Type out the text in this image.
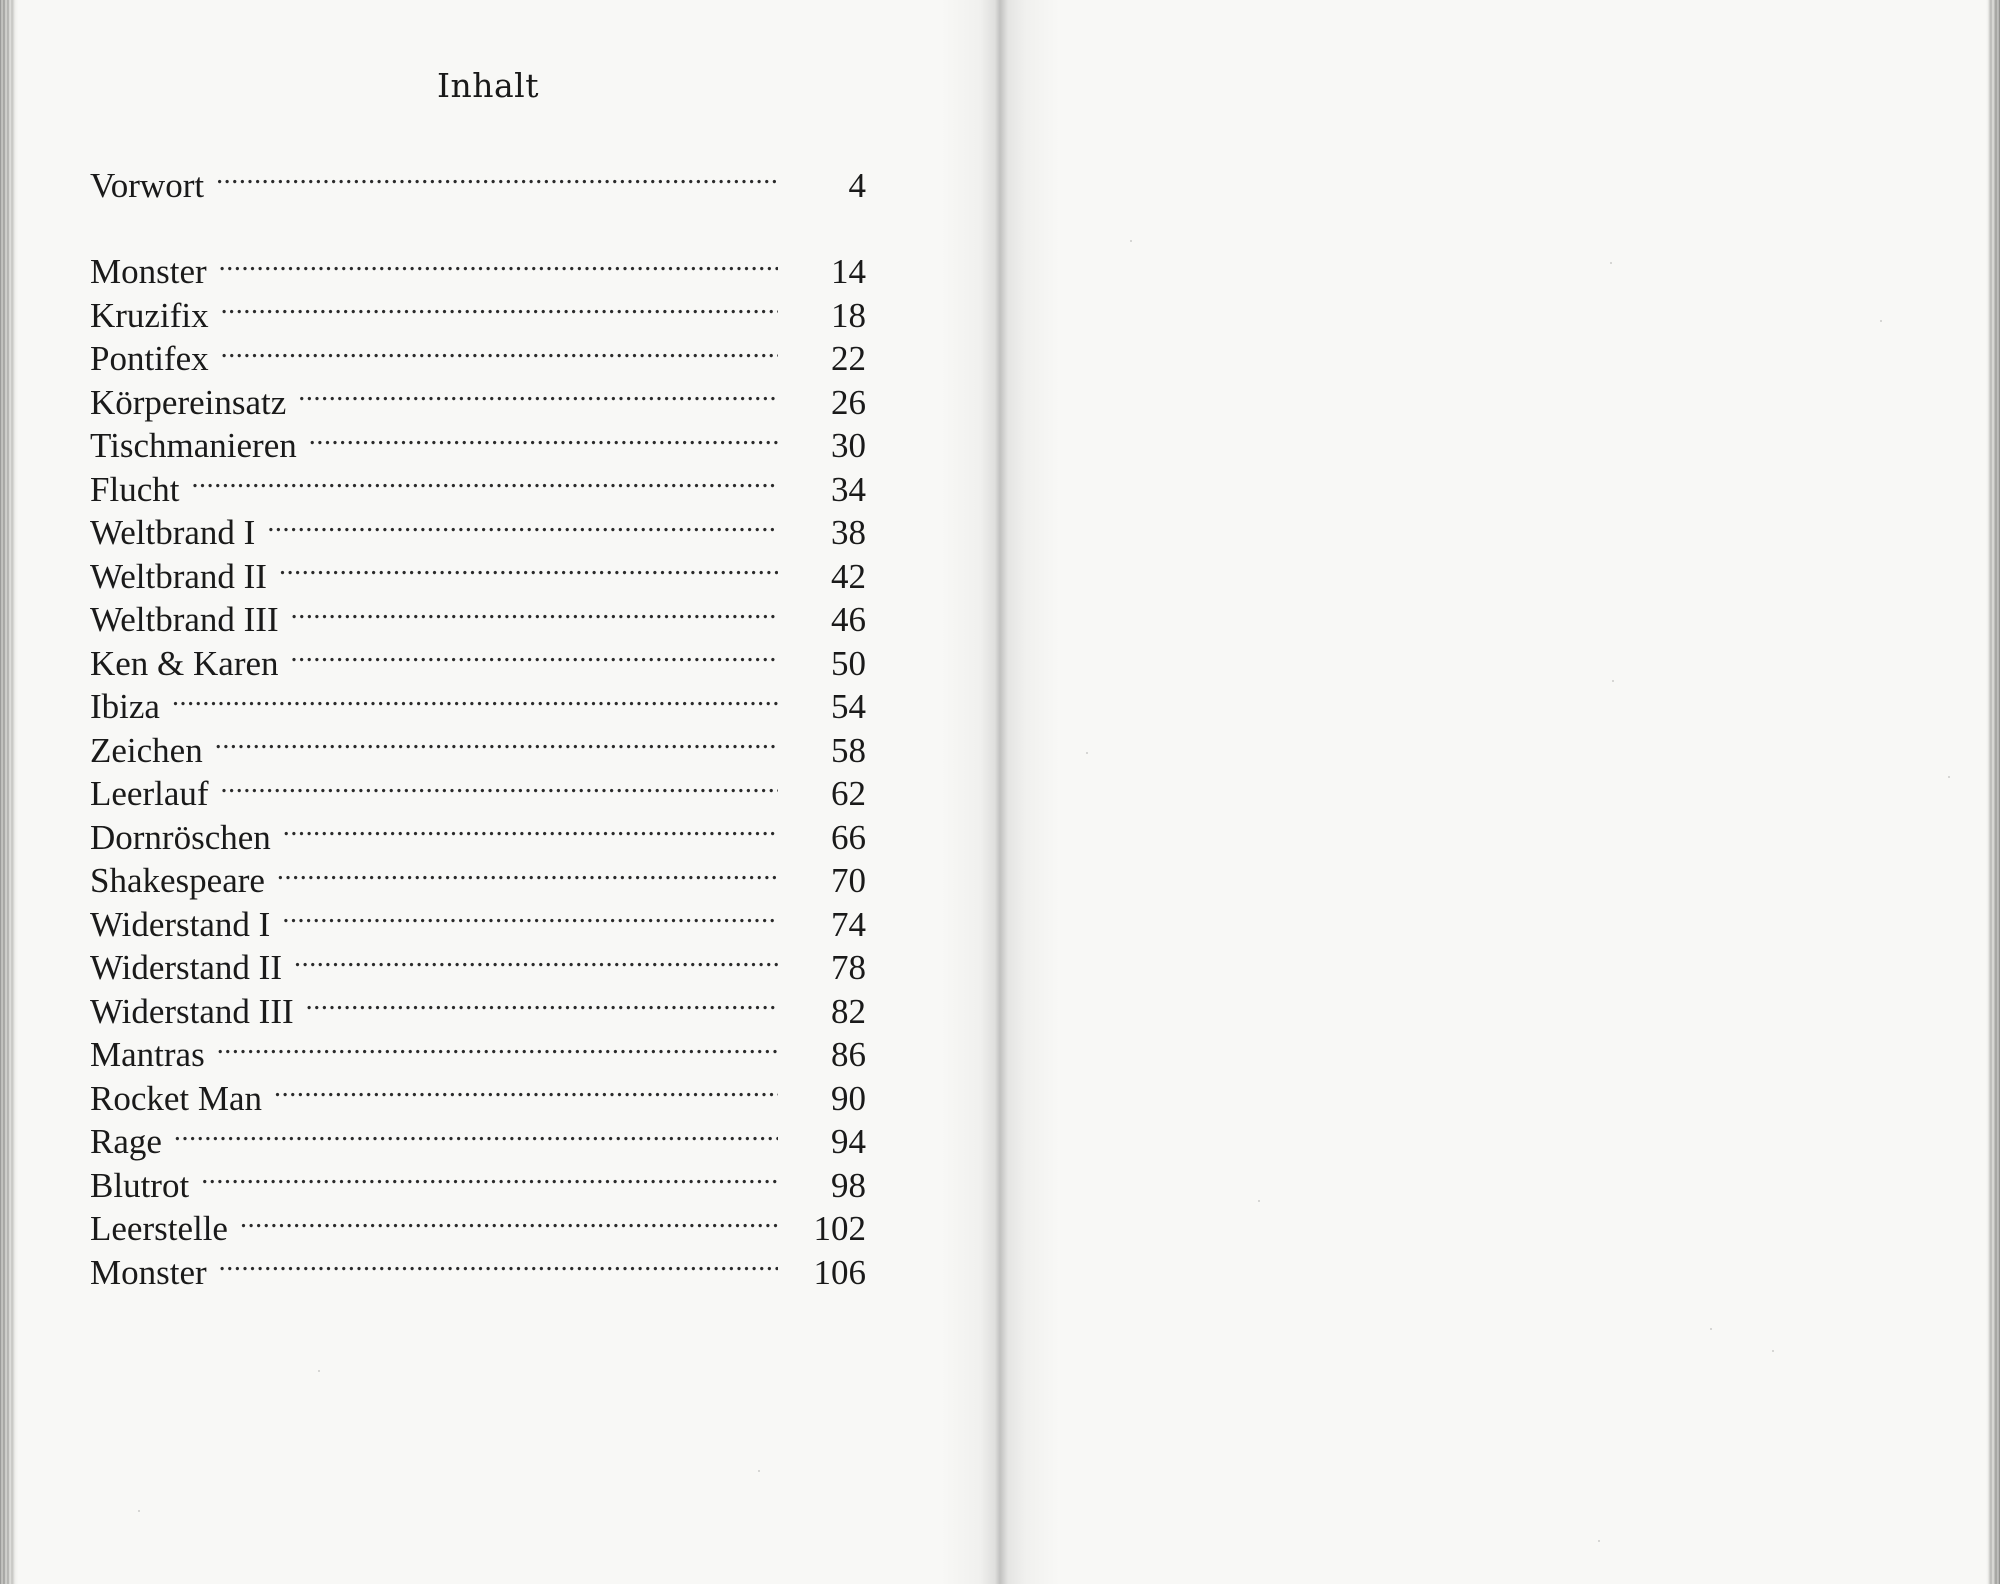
Inhalt
Vorwort . . .	4
Monster . . .	14
Kruzifix . . .	18
Pontifex . . .	22
Körpereinsatz . . .	26
Tischmanieren . . .	30
Flucht . . .	34
Weltbrand I . . .	38
Weltbrand II . . .	42
Weltbrand III . . .	46
Ken & Karen . . .	50
Ibiza . . .	54
Zeichen . . .	58
Leerlauf . . .	62
Dornröschen . . .	66
Shakespeare . . .	70
Widerstand I . . .	74
Widerstand II . . .	78
Widerstand III . . .	82
Mantras . . .	86
Rocket Man . . .	90
Rage . . .	94
Blutrot . . .	98
Leerstelle . . .	102
Monster . . .	106
